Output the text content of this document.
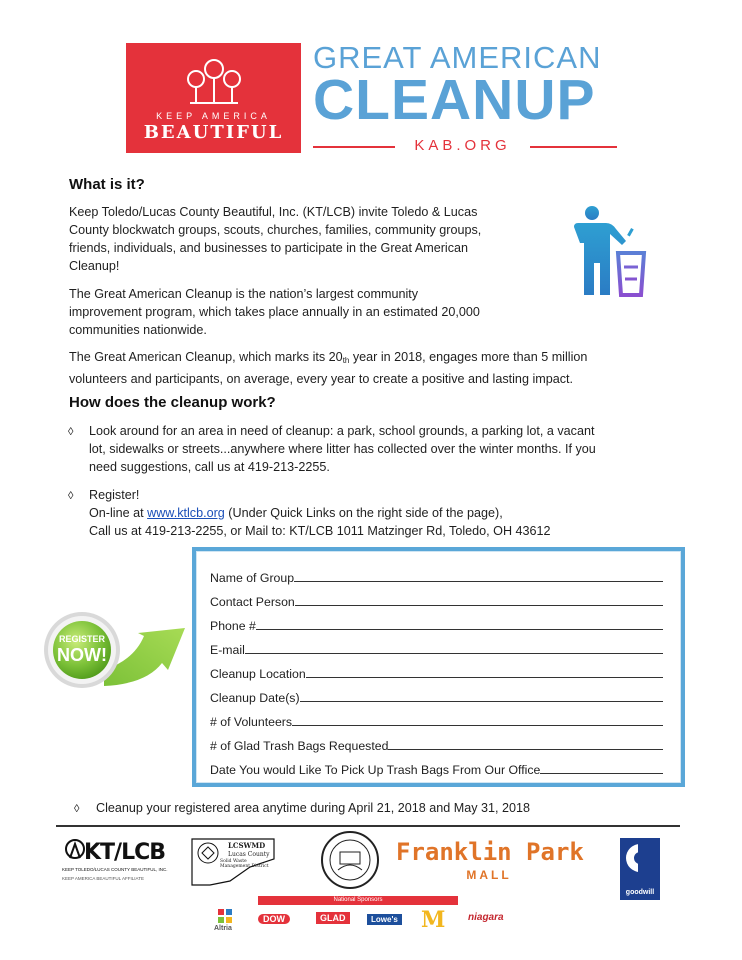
KEEP AMERICA
BEAUTIFUL
GREAT AMERICAN
CLEANUP
KAB.ORG
What is it?
Keep Toledo/Lucas County Beautiful, Inc. (KT/LCB) invite Toledo & Lucas
County blockwatch groups, scouts, churches, families, community groups,
friends, individuals, and businesses to participate in the Great American
Cleanup!
The Great American Cleanup is the nation’s largest community
improvement program, which takes place annually in an estimated 20,000
communities nationwide.
The Great American Cleanup, which marks its $20_{th}$ year in 2018, engages more than 5 million
volunteers and participants, on average, every year to create a positive and lasting impact.
How does the cleanup work?
◊ Look around for an area in need of cleanup: a park, school grounds, a parking lot, a vacant
lot, sidewalks or streets...anywhere where litter has collected over the winter months. If you
need suggestions, call us at 419-213-2255.
◊ Register!
On-line at www.ktlcb.org (Under Quick Links on the right side of the page),
Call us at 419-213-2255, or Mail to: KT/LCB 1011 Matzinger Rd, Toledo, OH 43612
REGISTER
NOW!
Name of Group
Contact Person
Phone #
E-mail
Cleanup Location
Cleanup Date(s)
# of Volunteers
# of Glad Trash Bags Requested
Date You would Like To Pick Up Trash Bags From Our Office
◊ Cleanup your registered area anytime during April 21, 2018 and May 31, 2018
KT/LCB
KEEP TOLEDO/LUCAS COUNTY BEAUTIFUL, INC.
KEEP AMERICA BEAUTIFUL AFFILIATE
LCSWMD
Lucas County
Solid Waste Management District
Franklin Park
MALL
goodwill
National Sponsors
Altria
DOW	GLAD	Lowe's M niagara
